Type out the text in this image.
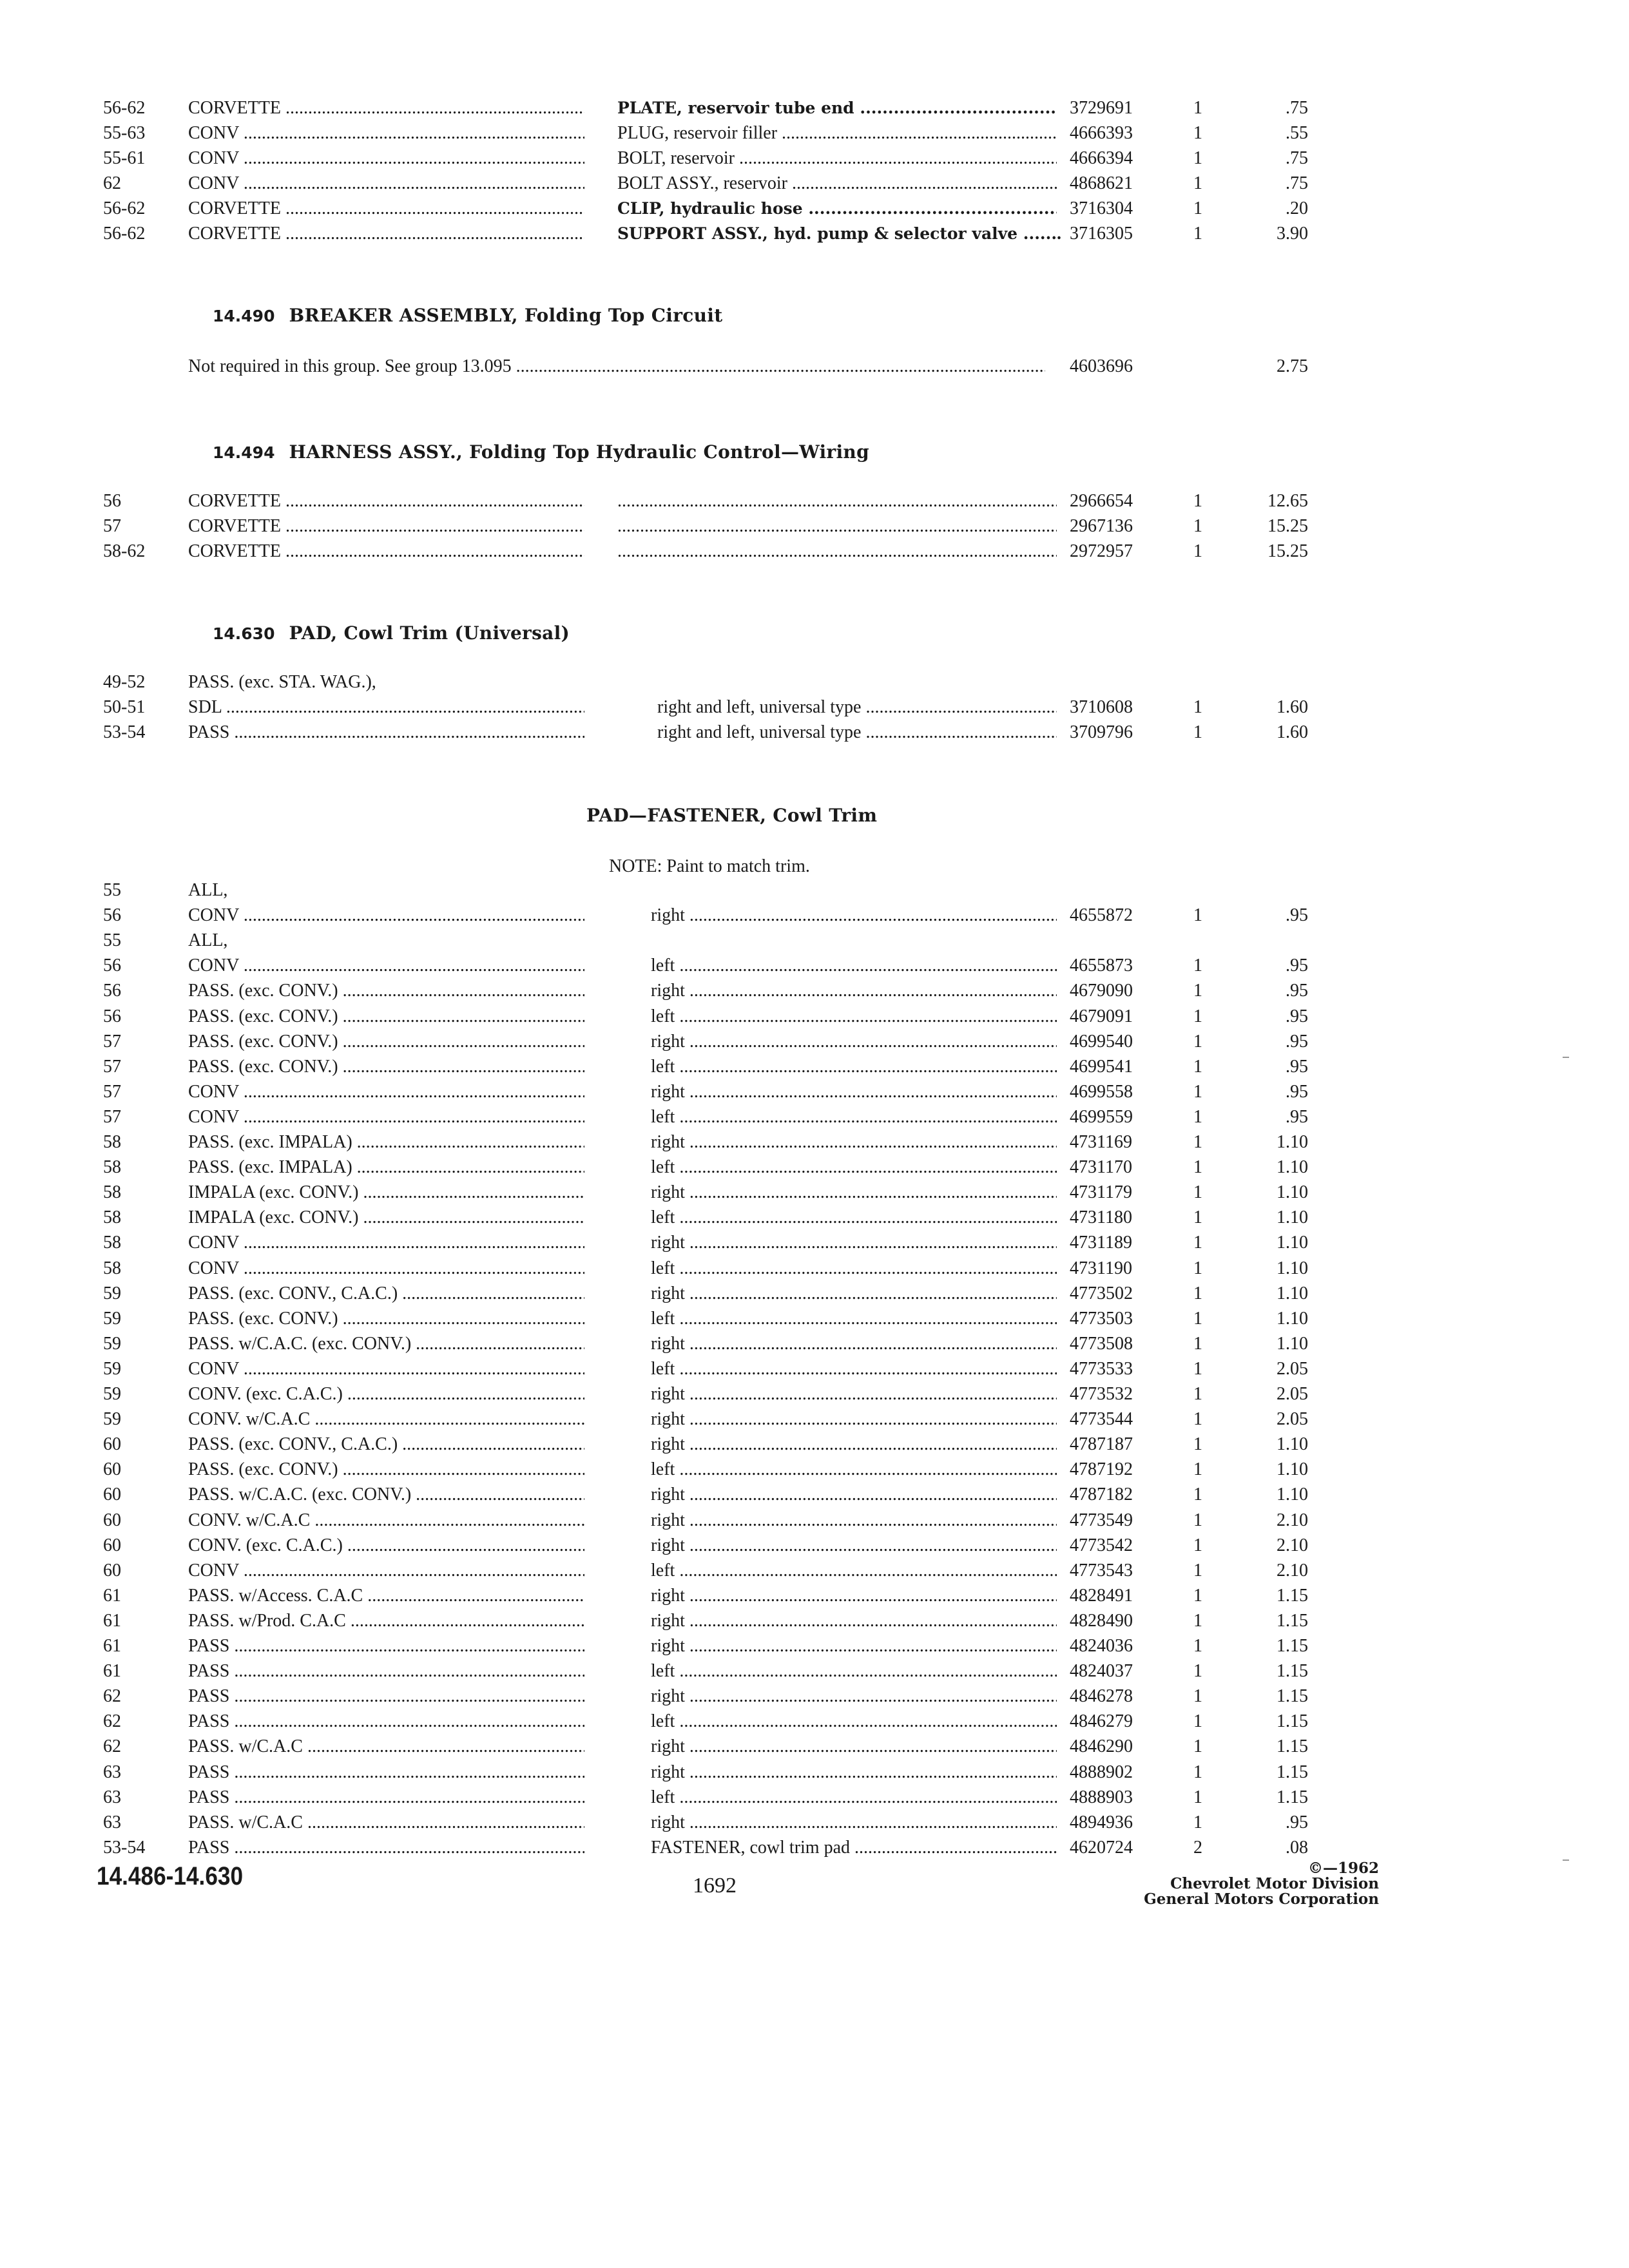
56-62 CORVETTE .....	PLATE, reservoir tube end .....	3729691	1	.75
55-63 CONV .....	PLUG, reservoir filler .....	4666393	1	.55
55-61 CONV .....	BOLT, reservoir .....	4666394	1	.75
62	CONV .....	BOLT ASSY., reservoir .....	4868621	1	.75
56-62 CORVETTE .....	CLIP, hydraulic hose .....	3716304	1	.20
56-62 CORVETTE .....	SUPPORT ASSY., hyd. pump & selector valve .....	. 3716305	1	3.90
14.490 BREAKER ASSEMBLY, Folding Top Circuit
Not required in this group. See group 13.095 .....	4603696	2.75
14.494 HARNESS ASSY., Folding Top Hydraulic Control—Wiring
56	CORVETTE ..... .....	2966654	1	12.65
57	CORVETTE ..... .....	2967136	1	15.25
58-62 CORVETTE ..... .....	2972957	1	15.25
14.630 PAD, Cowl Trim (Universal)
49-52 PASS. (exc. STA. WAG.),
50-51 SDL .....	right and left, universal type .....	3710608	1	1.60
53-54 PASS .....	right and left, universal type .....	3709796	1	1.60
PAD—FASTENER, Cowl Trim
NOTE: Paint to match trim.
55	ALL,
56	CONV .....	right .....	4655872	1	.95
55	ALL,
56	CONV .....	left .....	4655873	1	.95
56	PASS. (exc. CONV.) .....	right .....	4679090	1	.95
56	PASS. (exc. CONV.) .....	left .....	4679091	1	.95
57	PASS. (exc. CONV.) .....	right .....	4699540	1	.95
57	PASS. (exc. CONV.) .....	left .....	4699541	1	.95
57	CONV .....	right .....	4699558	1	.95
57	CONV .....	left .....	4699559	1	.95
58	PASS. (exc. IMPALA) .....	right .....	4731169	1	1.10
58	PASS. (exc. IMPALA) .....	left .....	4731170	1	1.10
58	IMPALA (exc. CONV.) .....	right .....	4731179	1	1.10
58	IMPALA (exc. CONV.) .....	left .....	4731180	1	1.10
58	CONV .....	right .....	4731189	1	1.10
58	CONV .....	left .....	4731190	1	1.10
59	PASS. (exc. CONV., C.A.C.) .....	right .....	4773502	1	1.10
59	PASS. (exc. CONV.) .....	left .....	4773503	1	1.10
59	PASS. w/C.A.C. (exc. CONV.) .....	right .....	4773508	1	1.10
59	CONV .....	left .....	4773533	1	2.05
59	CONV. (exc. C.A.C.) .....	right .....	4773532	1	2.05
59	CONV. w/C.A.C .....	right .....	4773544	1	2.05
60	PASS. (exc. CONV., C.A.C.) .....	right .....	4787187	1	1.10
60	PASS. (exc. CONV.) .....	left .....	4787192	1	1.10
60	PASS. w/C.A.C. (exc. CONV.) .....	right .....	4787182	1	1.10
60	CONV. w/C.A.C .....	right .....	4773549	1	2.10
60	CONV. (exc. C.A.C.) .....	right .....	4773542	1	2.10
60	CONV .....	left .....	4773543	1	2.10
61	PASS. w/Access. C.A.C .....	right .....	4828491	1	1.15
61	PASS. w/Prod. C.A.C .....	right .....	4828490	1	1.15
61	PASS .....	right .....	4824036	1	1.15
61	PASS .....	left .....	4824037	1	1.15
62	PASS .....	right .....	4846278	1	1.15
62	PASS .....	left .....	4846279	1	1.15
62	PASS. w/C.A.C .....	right .....	4846290	1	1.15
63	PASS .....	right .....	4888902	1	1.15
63	PASS .....	left .....	4888903	1	1.15
63	PASS. w/C.A.C .....	right .....	4894936	1	.95
53-54 PASS .....	FASTENER, cowl trim pad .....	4620724	2	.08
14.486-14.630	1692
©—1962
Chevrolet Motor Division
General Motors Corporation
